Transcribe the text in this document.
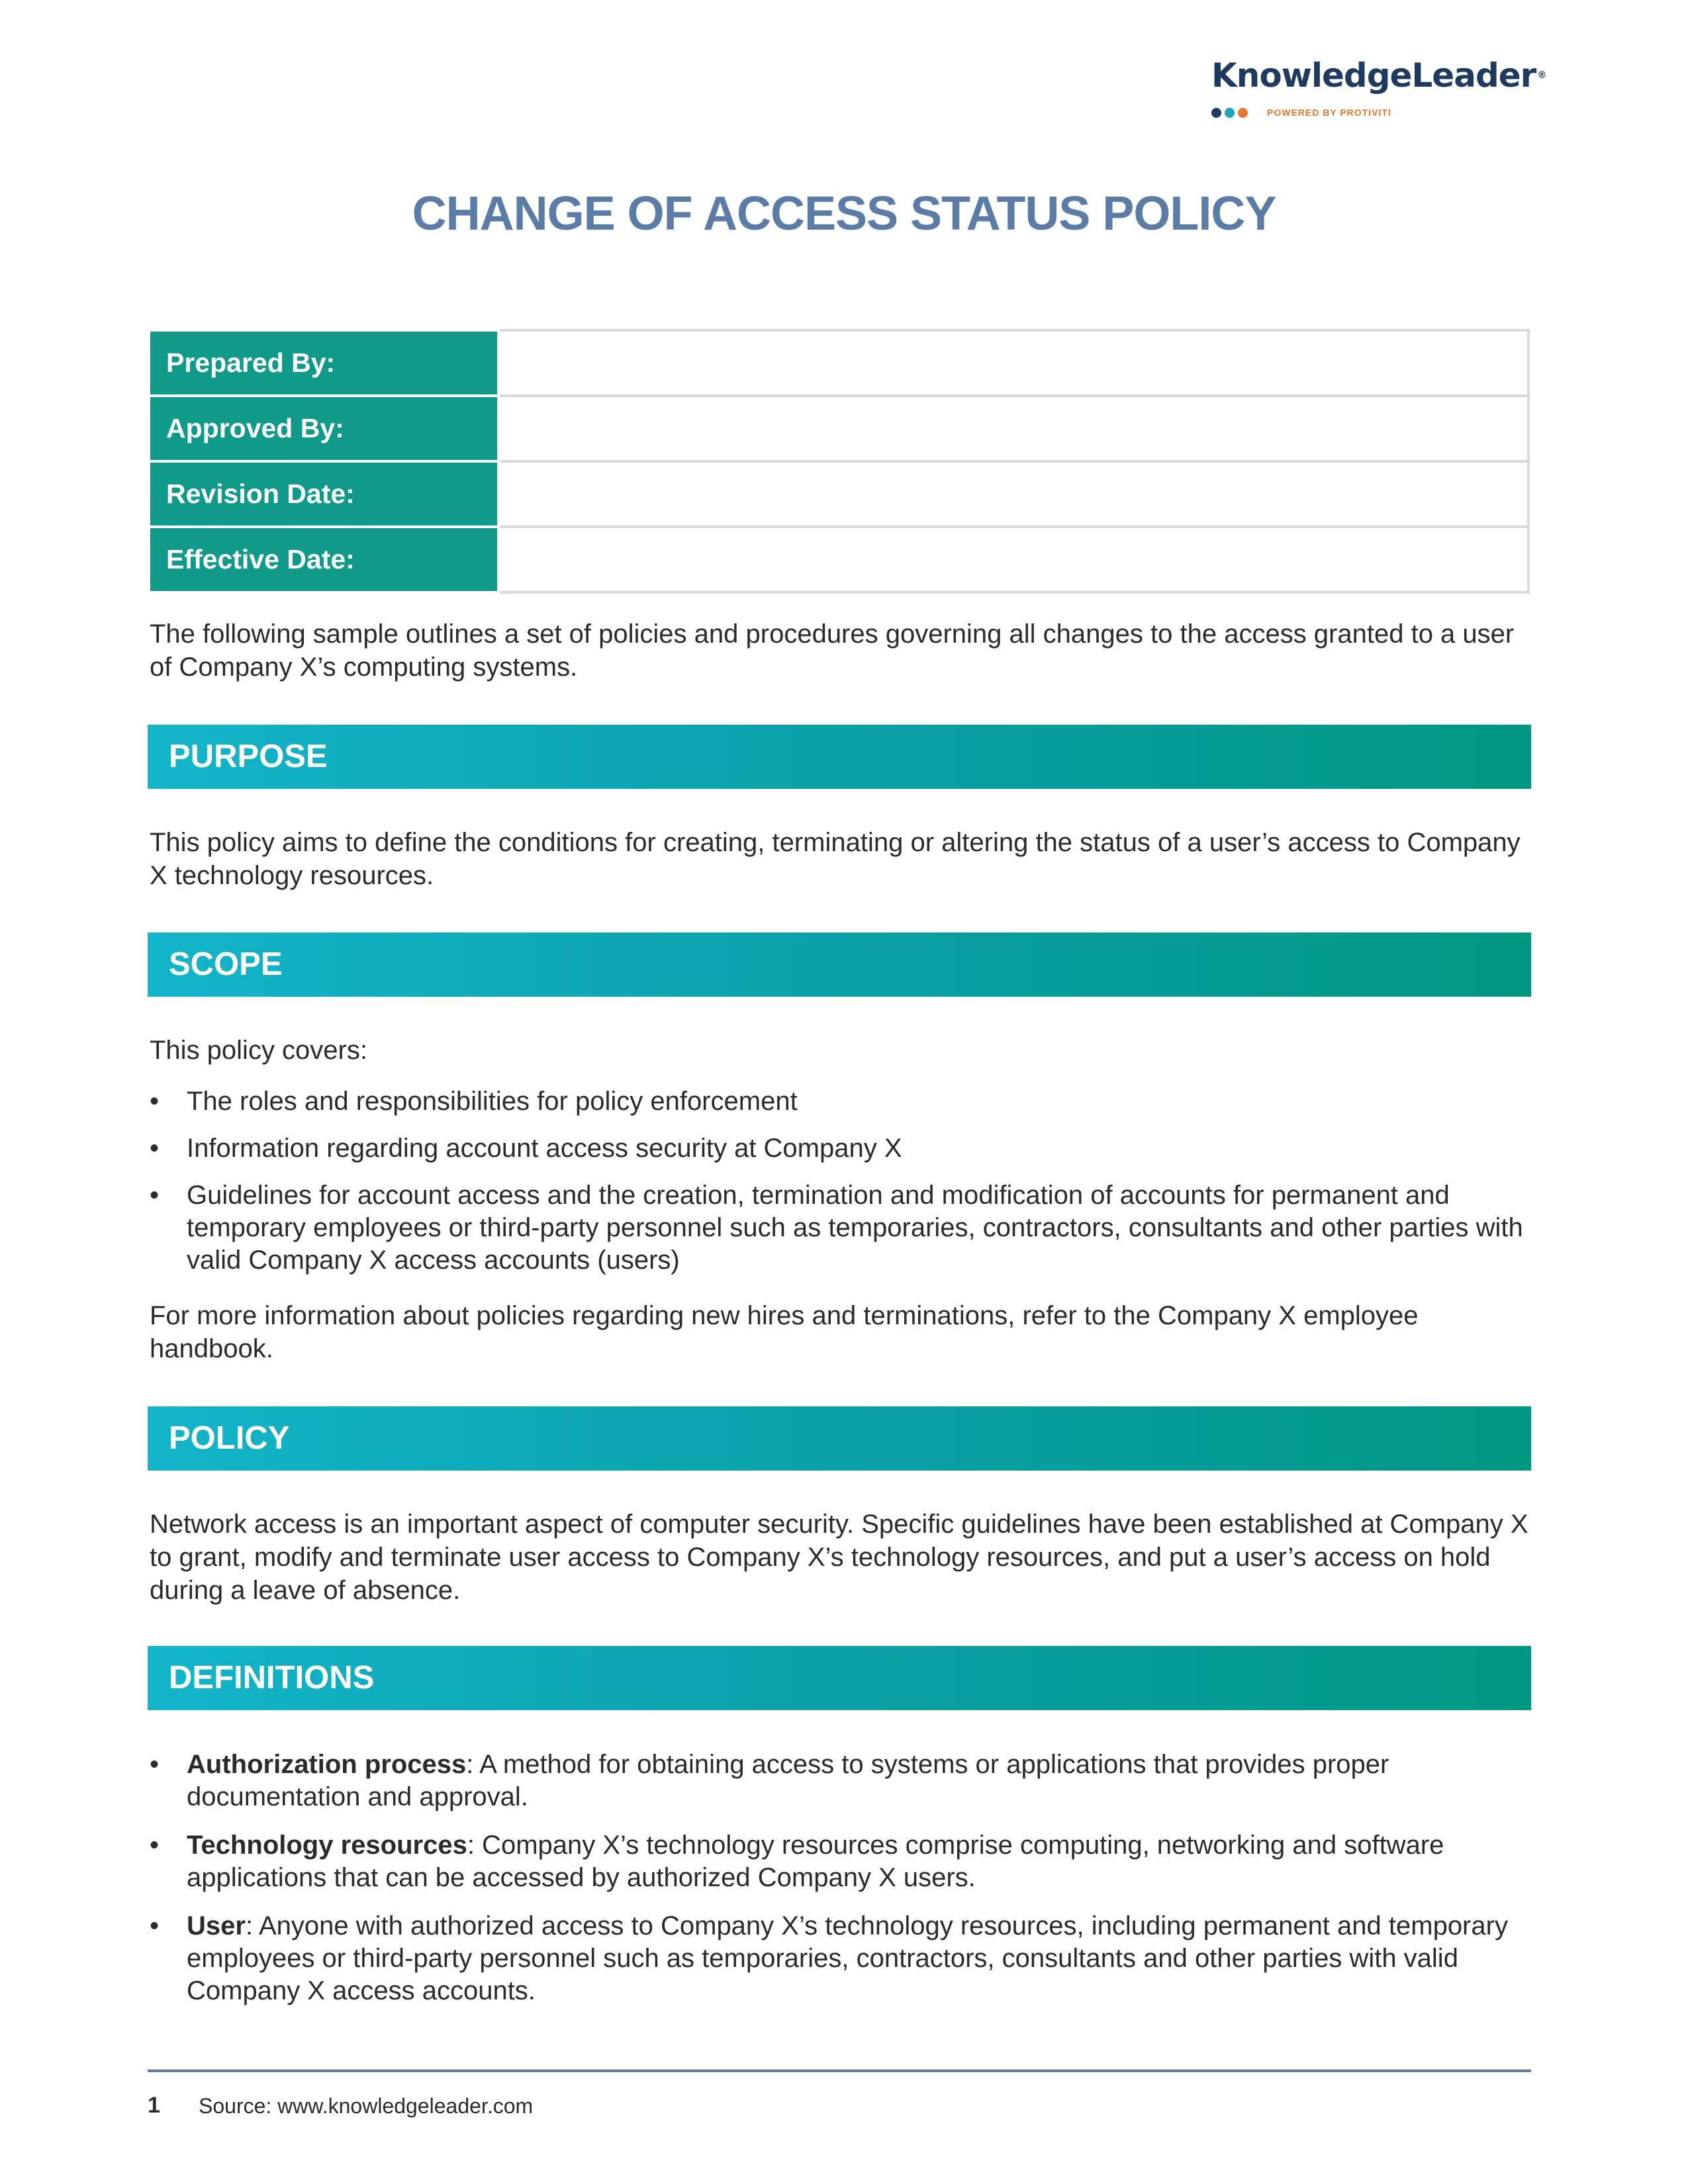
KnowledgeLeader ®
POWERED BY PROTIVITI
CHANGE OF ACCESS STATUS POLICY
Prepared By:	
Approved By:	
Revision Date:	
Effective Date:	

The following sample outlines a set of policies and procedures governing all changes to the access granted to a user of Company X’s computing systems.

PURPOSE

This policy aims to define the conditions for creating, terminating or altering the status of a user’s access to Company X technology resources.

SCOPE

This policy covers:

• The roles and responsibilities for policy enforcement
• Information regarding account access security at Company X
• Guidelines for account access and the creation, termination and modification of accounts for permanent and temporary employees or third-party personnel such as temporaries, contractors, consultants and other parties with valid Company X access accounts (users)

For more information about policies regarding new hires and terminations, refer to the Company X employee handbook.

POLICY

Network access is an important aspect of computer security. Specific guidelines have been established at Company X to grant, modify and terminate user access to Company X’s technology resources, and put a user’s access on hold during a leave of absence.

DEFINITIONS
• Authorization process: A method for obtaining access to systems or applications that provides proper documentation and approval.
• Technology resources: Company X’s technology resources comprise computing, networking and software applications that can be accessed by authorized Company X users.
• User: Anyone with authorized access to Company X’s technology resources, including permanent and temporary employees or third-party personnel such as temporaries, contractors, consultants and other parties with valid Company X access accounts.
1 Source: www.knowledgeleader.com
